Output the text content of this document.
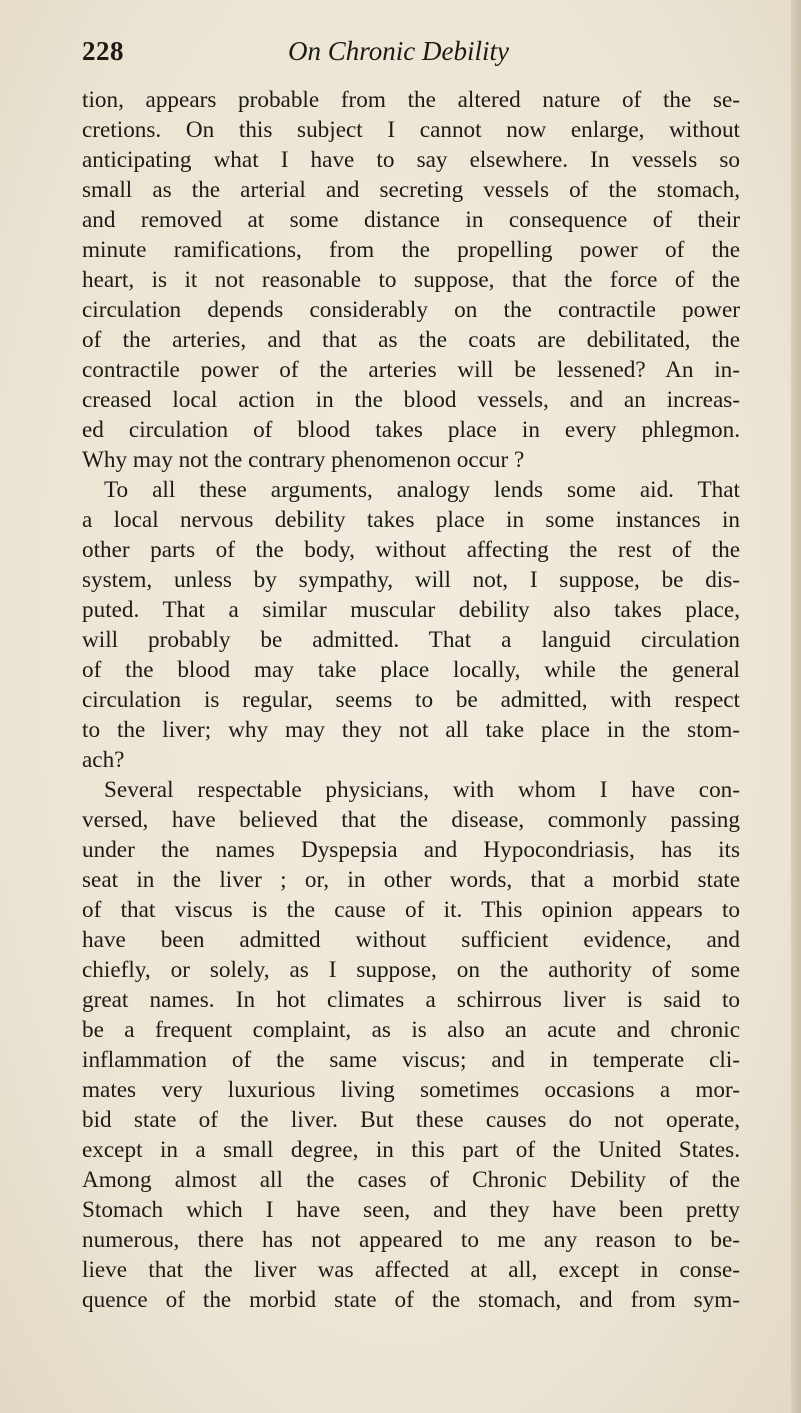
228	On Chronic Debility
tion, appears probable from the altered nature of the se-
cretions. On this subject I cannot now enlarge, without
anticipating what I have to say elsewhere. In vessels so
small as the arterial and secreting vessels of the stomach,
and removed at some distance in consequence of their
minute ramifications, from the propelling power of the
heart, is it not reasonable to suppose, that the force of the
circulation depends considerably on the contractile power
of the arteries, and that as the coats are debilitated, the
contractile power of the arteries will be lessened? An in-
creased local action in the blood vessels, and an increas-
ed circulation of blood takes place in every phlegmon.
Why may not the contrary phenomenon occur ?
To all these arguments, analogy lends some aid. That
a local nervous debility takes place in some instances in
other parts of the body, without affecting the rest of the
system, unless by sympathy, will not, I suppose, be dis-
puted. That a similar muscular debility also takes place,
will probably be admitted. That a languid circulation
of the blood may take place locally, while the general
circulation is regular, seems to be admitted, with respect
to the liver; why may they not all take place in the stom-
ach?
Several respectable physicians, with whom I have con-
versed, have believed that the disease, commonly passing
under the names Dyspepsia and Hypocondriasis, has its
seat in the liver ; or, in other words, that a morbid state
of that viscus is the cause of it. This opinion appears to
have been admitted without sufficient evidence, and
chiefly, or solely, as I suppose, on the authority of some
great names. In hot climates a schirrous liver is said to
be a frequent complaint, as is also an acute and chronic
inflammation of the same viscus; and in temperate cli-
mates very luxurious living sometimes occasions a mor-
bid state of the liver. But these causes do not operate,
except in a small degree, in this part of the United States.
Among almost all the cases of Chronic Debility of the
Stomach which I have seen, and they have been pretty
numerous, there has not appeared to me any reason to be-
lieve that the liver was affected at all, except in conse-
quence of the morbid state of the stomach, and from sym-
